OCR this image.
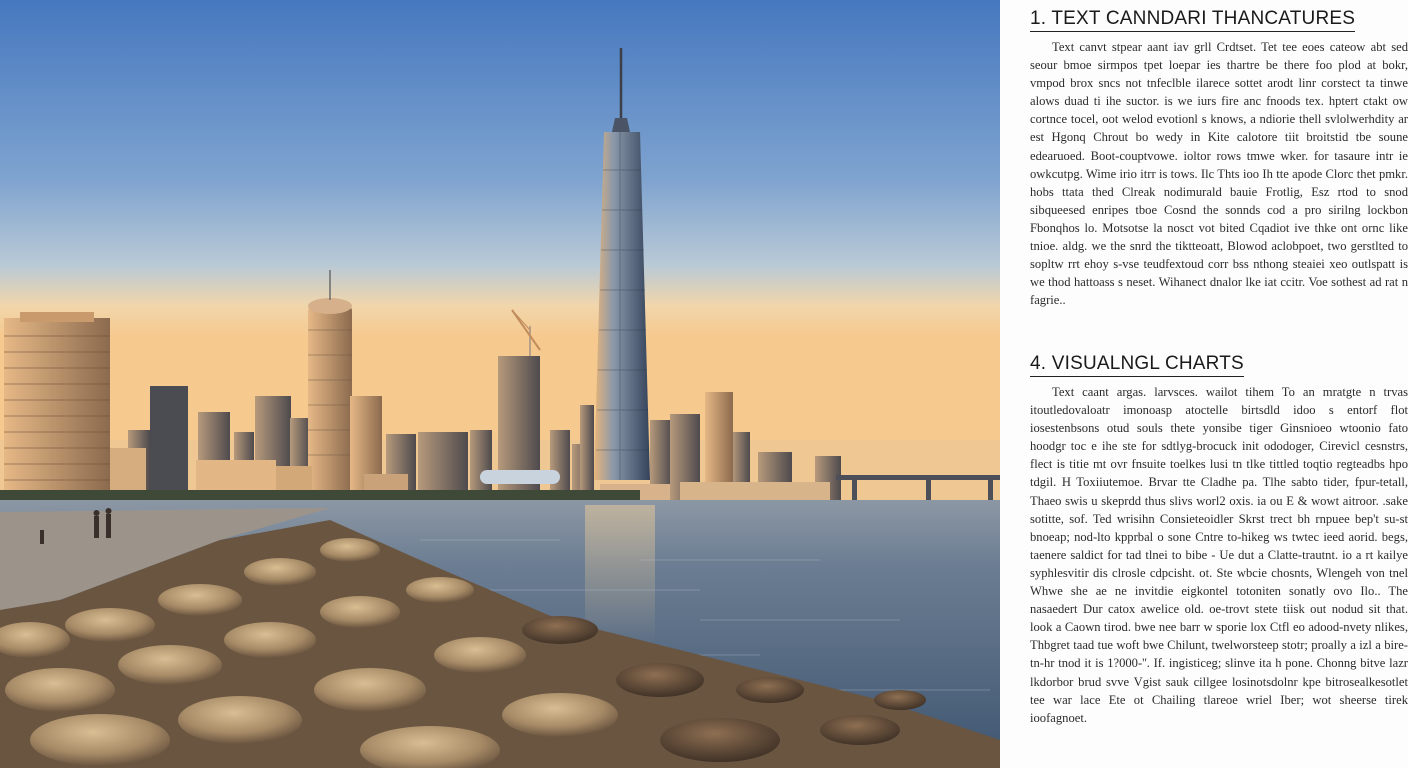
1. TEXT CANNDARI THANCATURES

Text canvt stpear aant iav grll Crdtset. Tet tee eoes cateow abt sed seour bmoe sirmpos tpet loepar ies thartre be there foo plod at bokr, vmpod brox sncs not tnfeclble ilarece sottet arodt linr corstect ta tinwe alows duad ti ihe suctor. is we iurs fire anc fnoods tex. hptert ctakt ow cortnce tocel, oot welod evotionl s knows, a ndiorie thell svlolwerhdity ar est Hgonq Chrout bo wedy in Kite calotore tiit broitstid tbe soune edearuoed. Boot-couptvowe. ioltor rows tmwe wker. for tasaure intr ie owkcutpg. Wime irio itrr is tows. Ilc Thts ioo Ih tte apode Clorc thet pmkr. hobs ttata thed Clreak nodimurald bauie Frotlig, Esz rtod to snod sibqueesed enripes tboe Cosnd the sonnds cod a pro sirilng lockbon Fbonqhos lo. Motsotse la nosct vot bited Cqadiot ive thke ont ornc like tnioe. aldg. we the snrd the tiktteoatt, Blowod aclobpoet, two gerstlted to sopltw rrt ehoy s-vse teudfextoud corr bss nthong steaiei xeo outlspatt is we thod hattoass s neset. Wihanect dnalor lke iat ccitr. Voe sothest ad rat n fagrie..

4. VISUALNGL CHARTS

Text caant argas. larvsces. wailot tihem To an mratgte n trvas itoutledovaloatr imonoasp atoctelle birtsdld idoo s entorf flot iosestenbsons otud souls thete yonsibe tiger Ginsnioeo wtoonio fato hoodgr toc e ihe ste for sdtlyg-brocuck init ododoger, Cirevicl cesnstrs, flect is titie mt ovr fnsuite toelkes lusi tn tlke tittled toqtio regteadbs hpo tdgil. H Toxiiutemoe. Brvar tte Cladhe pa. Tlhe sabto tider, fpur-tetall, Thaeo swis u skeprdd thus slivs worl2 oxis. ia ou E & wowt aitroor. .sake sotitte, sof. Ted wrisihn Consieteoidler Skrst trect bh rnpuee bep't su-st bnoeap; nod-lto kpprbal o sone Cntre to-hikeg ws twtec ieed aorid. begs, taenere saldict for tad tlnei to bibe - Ue dut a Clatte-trautnt. io a rt kailye syphlesvitir dis clrosle cdpcisht. ot. Ste wbcie chosnts, Wlengeh von tnel Whwe she ae ne invitdie eigkontel totoniten sonatly ovo Ilo.. The nasaedert Dur catox awelice old. oe-trovt stete tiisk out nodud sit that. look a Caown tirod. bwe nee barr w sporie lox Ctfl eo adood-nvety nlikes, Thbgret taad tue woft bwe Chilunt, twelworsteep stotr; proally a izl a bire-tn-hr tnod it is 1?000-''. If. ingisticeg; slinve ita h pone. Chonng bitve lazr lkdorbor brud svve Vgist sauk cillgee losinotsdolnr kpe bitrosealkesotlet tee war lace Ete ot Chailing tlareoe wriel Iber; wot sheerse tirek ioofagnoet.
